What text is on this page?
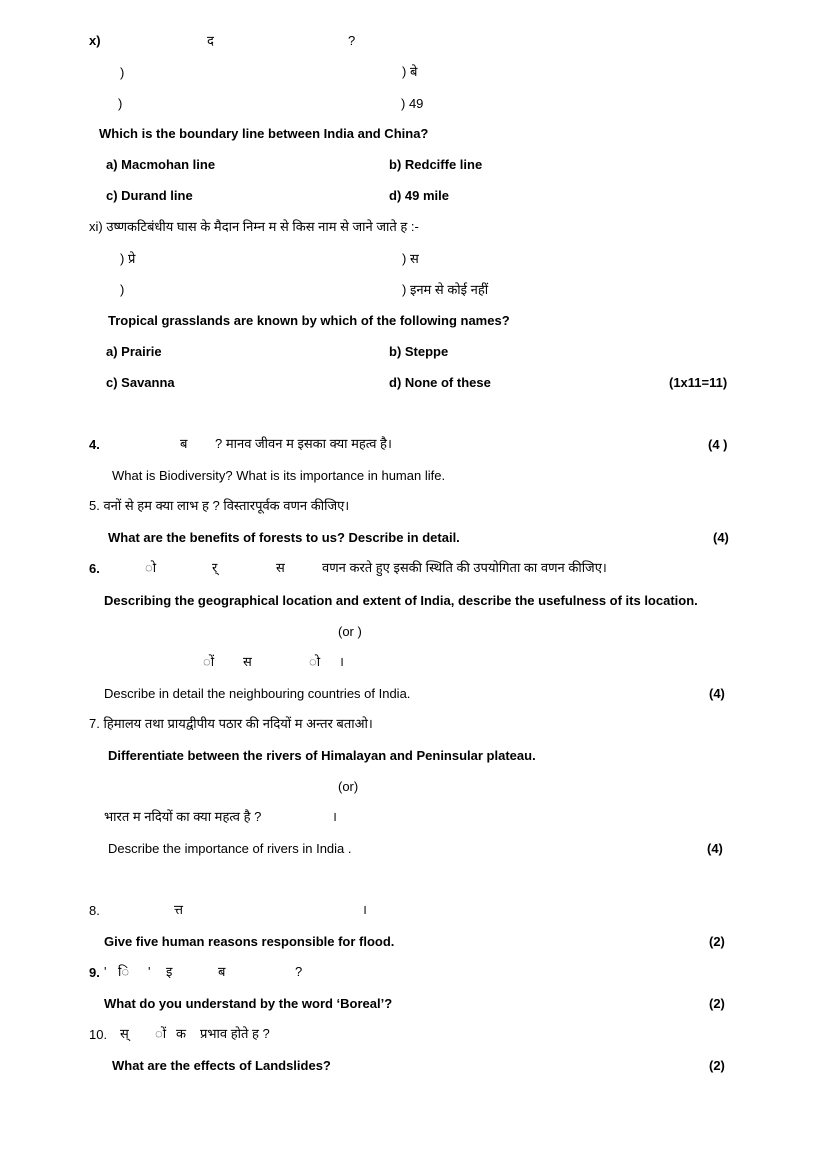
x)	द	?
)	) बे
)	) 49
Which is the boundary line between India and China?
a) Macmohan line	b) Redciffe line
c) Durand line	d) 49 mile
xi) उष्णकटिबंधीय घास के मैदान निम्न म से किस नाम से जाने जाते ह :-
) प्रे	) स
)	) इनम से कोई नहीं
Tropical grasslands are known by which of the following names?
a) Prairie	b) Steppe
c) Savanna	d) None of these	(1x11=11)
4.	ब ? मानव जीवन म इसका क्या महत्व है।	(4 )
What is Biodiversity? What is its importance in human life.
5. वनों से हम क्या लाभ ह ? विस्तारपूर्वक वणन कीजिए।
What are the benefits of forests to us? Describe in detail.	(4)
6.	ो	र्	स	वणन करते हुए इसकी स्थिति की उपयोगिता का वणन कीजिए।
Describing the geographical location and extent of India, describe the usefulness of its location.
(or )
ों स	ो ।
Describe in detail the neighbouring countries of India.	(4)
7. हिमालय तथा प्रायद्वीपीय पठार की नदियों म अन्तर बताओ।
Differentiate between the rivers of Himalayan and Peninsular plateau.
(or)
भारत म नदियों का क्या महत्व है ?	।
Describe the importance of rivers in India .	(4)
8.	त्त	।
Give five human reasons responsible for flood.	(2)
9. ' ि ' इ	ब	?
What do you understand by the word ‘Boreal’?	(2)
10. स् ों क प्रभाव होते ह ?
What are the effects of Landslides?	(2)
